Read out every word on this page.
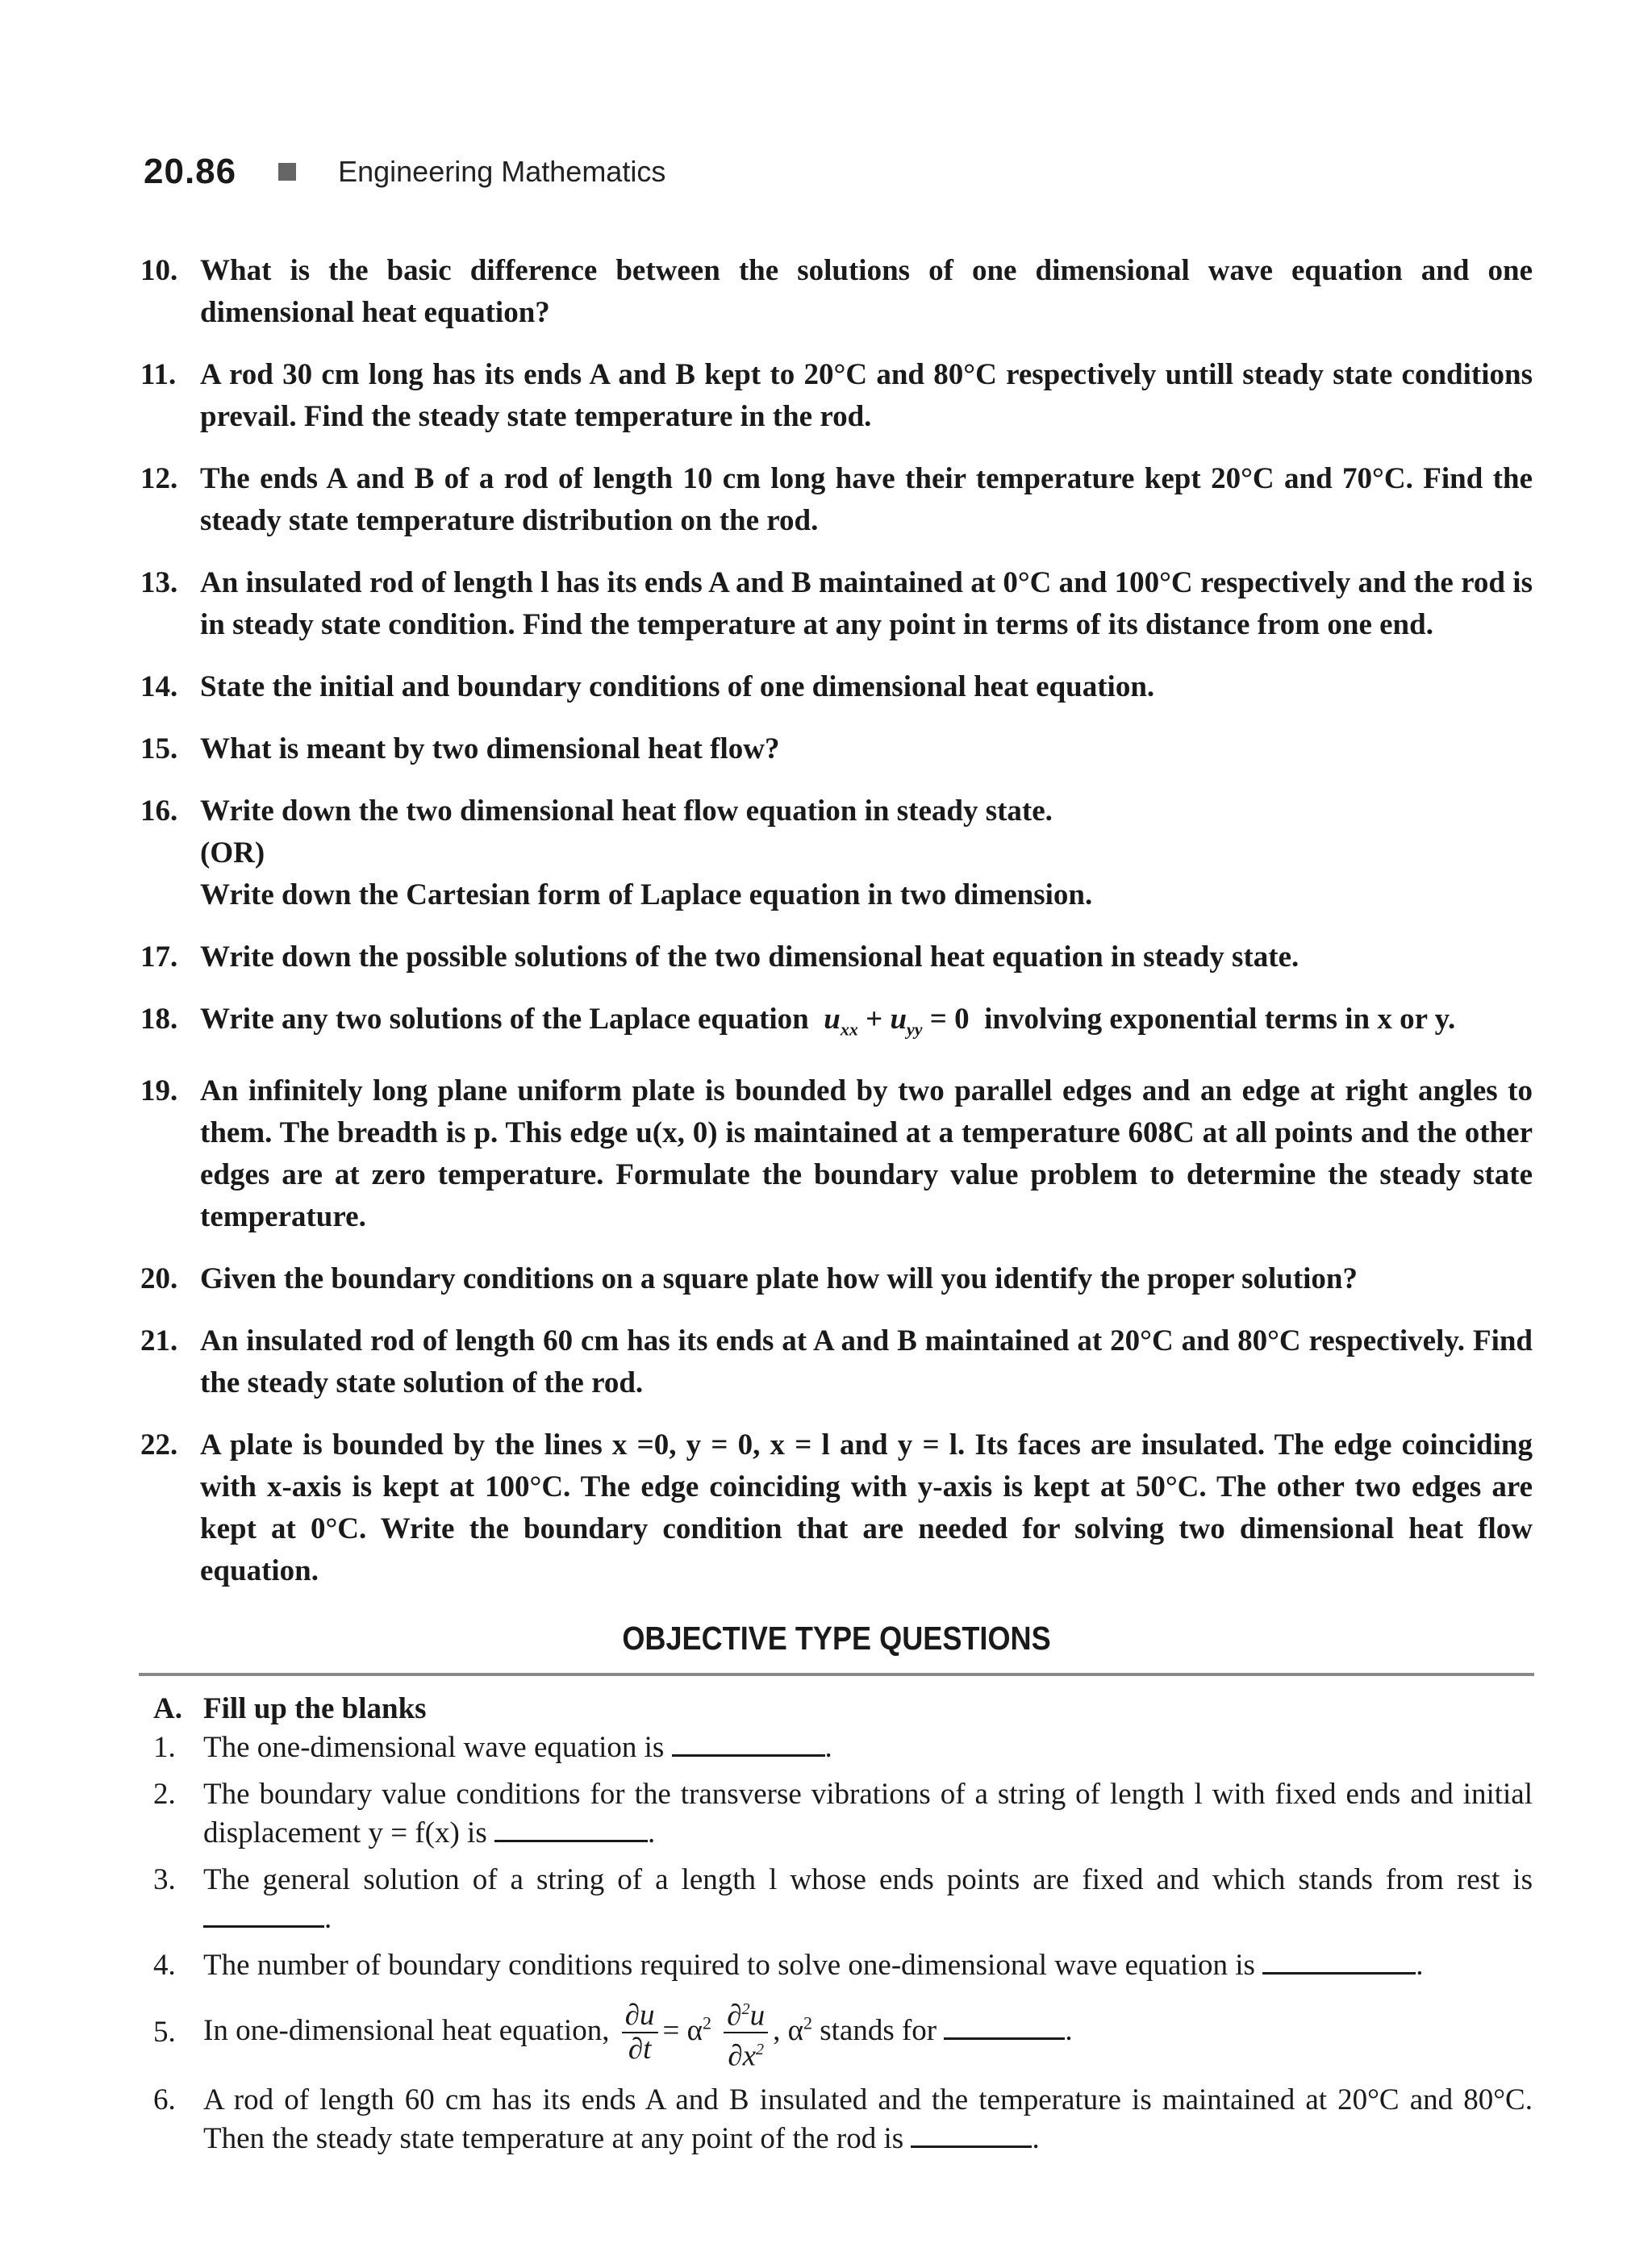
20.86	Engineering Mathematics
10. What is the basic difference between the solutions of one dimensional wave equation and one dimensional heat equation?
11. A rod 30 cm long has its ends A and B kept to 20°C and 80°C respectively untill steady state conditions prevail. Find the steady state temperature in the rod.
12. The ends A and B of a rod of length 10 cm long have their temperature kept 20°C and 70°C. Find the steady state temperature distribution on the rod.
13. An insulated rod of length l has its ends A and B maintained at 0°C and 100°C respectively and the rod is in steady state condition. Find the temperature at any point in terms of its distance from one end.
14. State the initial and boundary conditions of one dimensional heat equation.
15. What is meant by two dimensional heat flow?
16. Write down the two dimensional heat flow equation in steady state.
(OR)
Write down the Cartesian form of Laplace equation in two dimension.
17. Write down the possible solutions of the two dimensional heat equation in steady state.
18. Write any two solutions of the Laplace equation $u_{xx} + u_{yy} = 0$  involving exponential terms in x or y.
19. An infinitely long plane uniform plate is bounded by two parallel edges and an edge at right angles to them. The breadth is p. This edge u(x, 0) is maintained at a temperature 608C at all points and the other edges are at zero temperature. Formulate the boundary value problem to determine the steady state temperature.
20. Given the boundary conditions on a square plate how will you identify the proper solution?
21. An insulated rod of length 60 cm has its ends at A and B maintained at 20°C and 80°C respectively. Find the steady state solution of the rod.
22. A plate is bounded by the lines x =0, y = 0, x = l and y = l. Its faces are insulated. The edge coinciding with x-axis is kept at 100°C. The edge coinciding with y-axis is kept at 50°C. The other two edges are kept at 0°C. Write the boundary condition that are needed for solving two dimensional heat flow equation.
OBJECTIVE TYPE QUESTIONS
A. Fill up the blanks
1. The one-dimensional wave equation is	.
2. The boundary value conditions for the transverse vibrations of a string of length l with fixed ends and initial displacement y = f(x) is	.
3. The general solution of a string of a length l whose ends points are fixed and which stands from rest is .
4. The number of boundary conditions required to solve one-dimensional wave equation is	.
5. In one-dimensional heat equation, $\frac{\partial u}{\partial t} = \alpha^2 \frac{\partial^2u}{\partial x^2}$ , $\alpha^2$ stands for	.
6. A rod of length 60 cm has its ends A and B insulated and the temperature is maintained at 20°C and 80°C. Then the steady state temperature at any point of the rod is	.
